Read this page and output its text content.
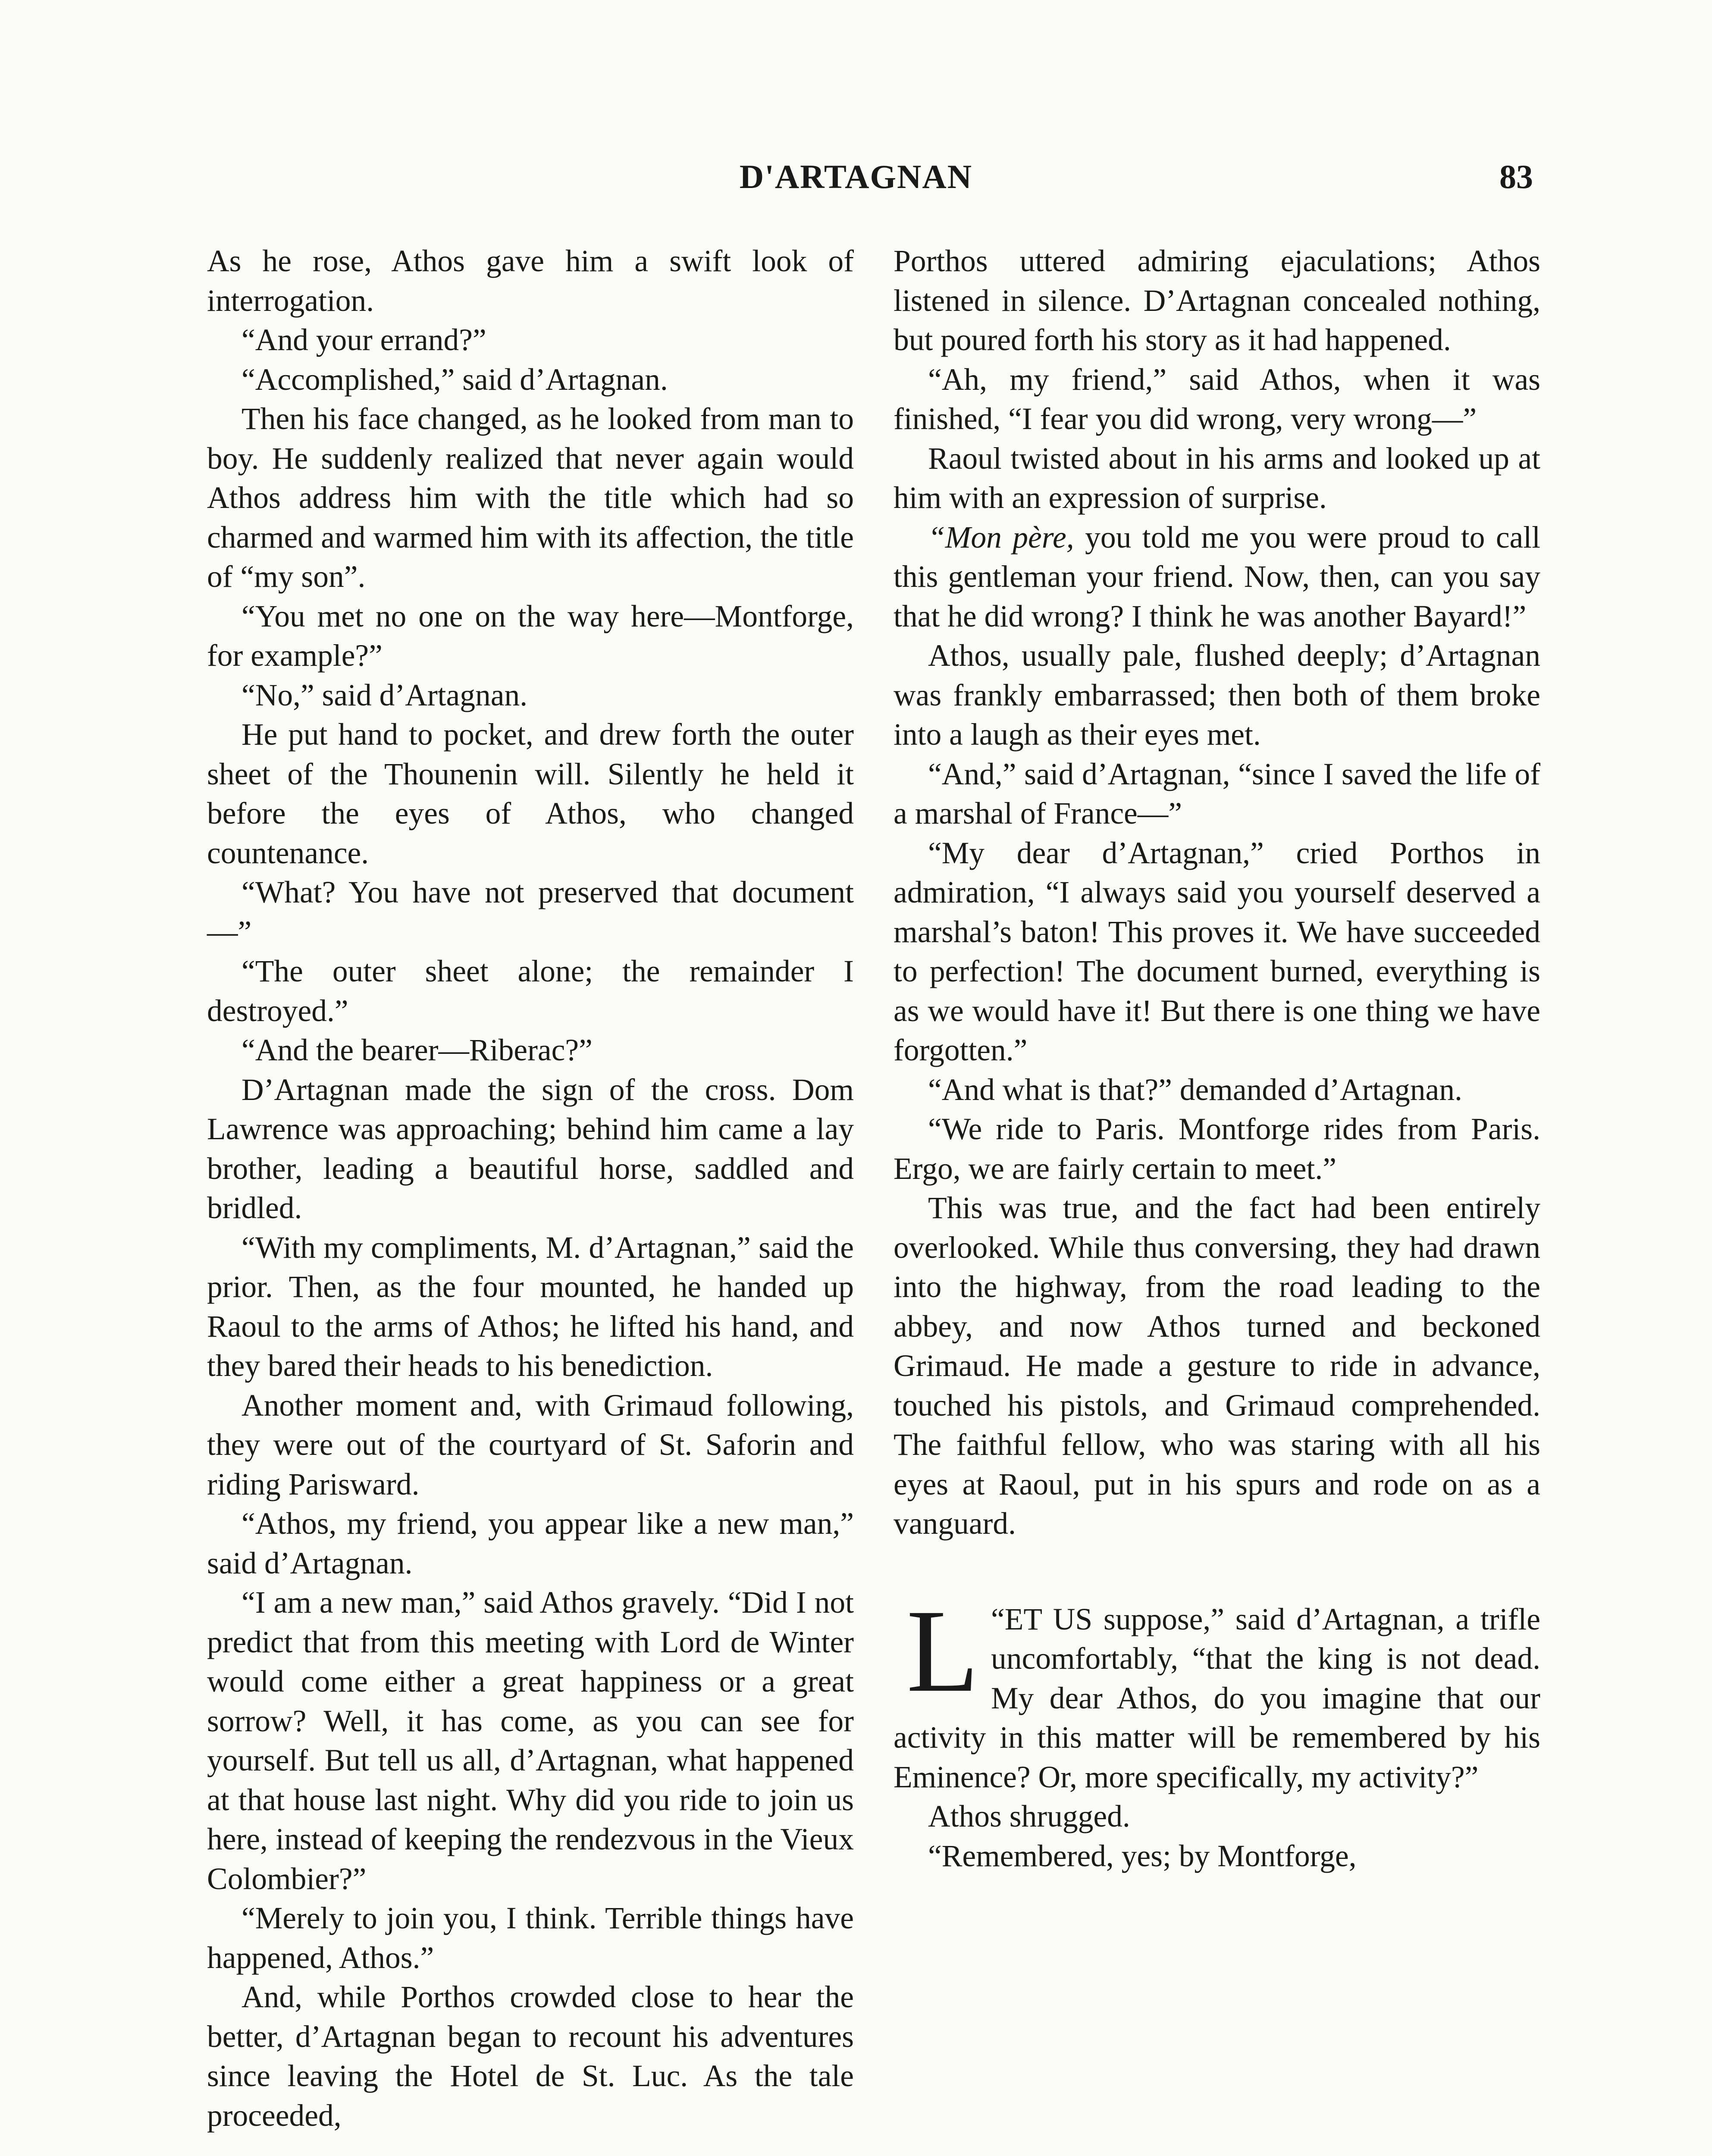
D'ARTAGNAN	83

As he rose, Athos gave him a swift look of interrogation.

“And your errand?”

“Accomplished,” said d’Artagnan.

Then his face changed, as he looked from man to boy. He suddenly realized that never again would Athos address him with the title which had so charmed and warmed him with its affection, the title of “my son”.

“You met no one on the way here—Montforge, for example?”

“No,” said d’Artagnan.

He put hand to pocket, and drew forth the outer sheet of the Thounenin will. Silently he held it before the eyes of Athos, who changed countenance.

“What? You have not preserved that document—”

“The outer sheet alone; the remainder I destroyed.”

“And the bearer—Riberac?”

D’Artagnan made the sign of the cross. Dom Lawrence was approaching; behind him came a lay brother, leading a beautiful horse, saddled and bridled.

“With my compliments, M. d’Artagnan,” said the prior. Then, as the four mounted, he handed up Raoul to the arms of Athos; he lifted his hand, and they bared their heads to his benediction.

Another moment and, with Grimaud following, they were out of the courtyard of St. Saforin and riding Parisward.

“Athos, my friend, you appear like a new man,” said d’Artagnan.

“I am a new man,” said Athos gravely. “Did I not predict that from this meeting with Lord de Winter would come either a great happiness or a great sorrow? Well, it has come, as you can see for yourself. But tell us all, d’Artagnan, what happened at that house last night. Why did you ride to join us here, instead of keeping the rendezvous in the Vieux Colombier?”

“Merely to join you, I think. Terrible things have happened, Athos.”

And, while Porthos crowded close to hear the better, d’Artagnan began to recount his adventures since leaving the Hotel de St. Luc. As the tale proceeded,

Porthos uttered admiring ejaculations; Athos listened in silence. D’Artagnan concealed nothing, but poured forth his story as it had happened.

“Ah, my friend,” said Athos, when it was finished, “I fear you did wrong, very wrong—”

Raoul twisted about in his arms and looked up at him with an expression of surprise.

“Mon père, you told me you were proud to call this gentleman your friend. Now, then, can you say that he did wrong? I think he was another Bayard!”

Athos, usually pale, flushed deeply; d’Artagnan was frankly embarrassed; then both of them broke into a laugh as their eyes met.

“And,” said d’Artagnan, “since I saved the life of a marshal of France—”

“My dear d’Artagnan,” cried Porthos in admiration, “I always said you yourself deserved a marshal’s baton! This proves it. We have succeeded to perfection! The document burned, everything is as we would have it! But there is one thing we have forgotten.”

“And what is that?” demanded d’Artagnan.

“We ride to Paris. Montforge rides from Paris. Ergo, we are fairly certain to meet.”

This was true, and the fact had been entirely overlooked. While thus conversing, they had drawn into the highway, from the road leading to the abbey, and now Athos turned and beckoned Grimaud. He made a gesture to ride in advance, touched his pistols, and Grimaud comprehended. The faithful fellow, who was staring with all his eyes at Raoul, put in his spurs and rode on as a vanguard.

“
L ET US suppose,” said d’Artagnan, a trifle uncomfortably, “that the king is not dead. My dear Athos, do you imagine that our activity in this matter will be remembered by his Eminence? Or, more specifically, my activity?”

Athos shrugged.

“Remembered, yes; by Montforge,
